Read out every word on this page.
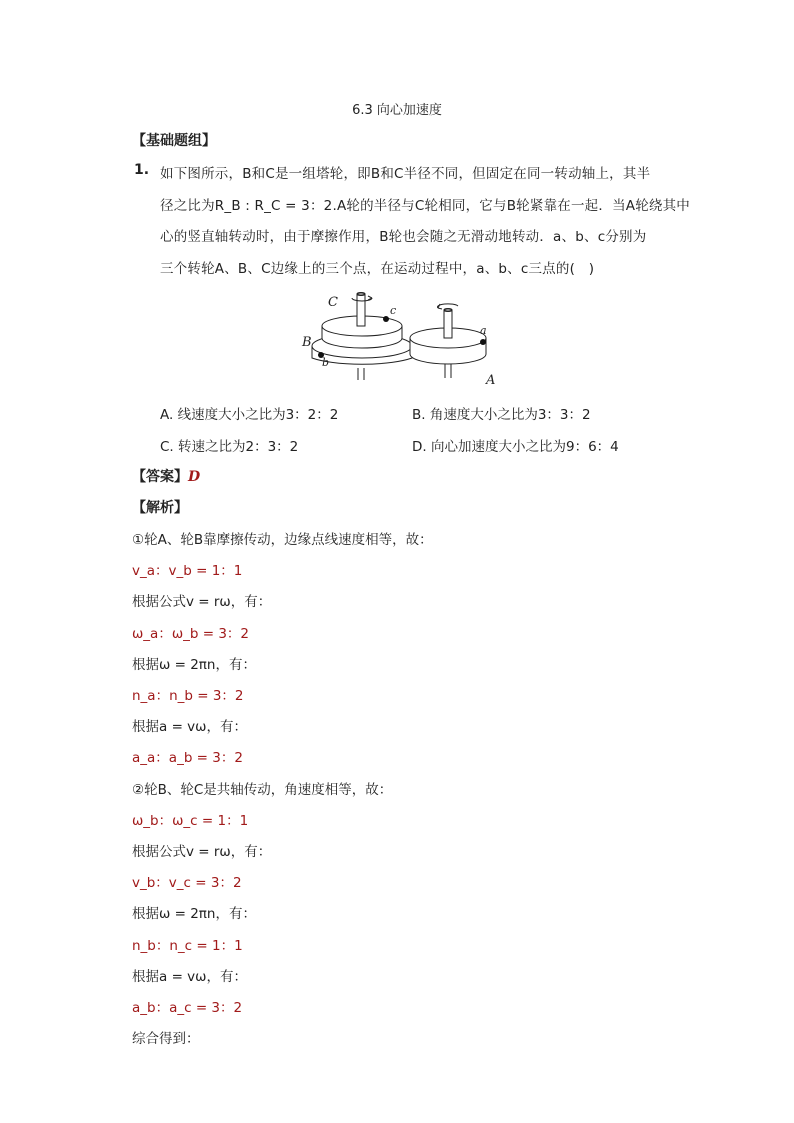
6.3 向心加速度
【基础题组】
1. 如下图所示，B和C是一组塔轮，即B和C半径不同，但固定在同一转动轴上，其半
径之比为R_B : R_C = 3：2.A轮的半径与C轮相同，它与B轮紧靠在一起．当A轮绕其中
心的竖直轴转动时，由于摩擦作用，B轮也会随之无滑动地转动．a、b、c分别为
三个转轮A、B、C边缘上的三个点，在运动过程中，a、b、c三点的(　)
C
c
B
b
a
A
A. 线速度大小之比为3：2：2	B. 角速度大小之比为3：3：2
C. 转速之比为2：3：2	D. 向心加速度大小之比为9：6：4
【答案】D
【解析】
①轮A、轮B靠摩擦传动，边缘点线速度相等，故：
v_a：v_b = 1：1
根据公式v = rω，有：
ω_a：ω_b = 3：2
根据ω = 2πn，有：
n_a：n_b = 3：2
根据a = vω，有：
a_a：a_b = 3：2
②轮B、轮C是共轴传动，角速度相等，故：
ω_b：ω_c = 1：1
根据公式v = rω，有：
v_b：v_c = 3：2
根据ω = 2πn，有：
n_b：n_c = 1：1
根据a = vω，有：
a_b：a_c = 3：2
综合得到：
